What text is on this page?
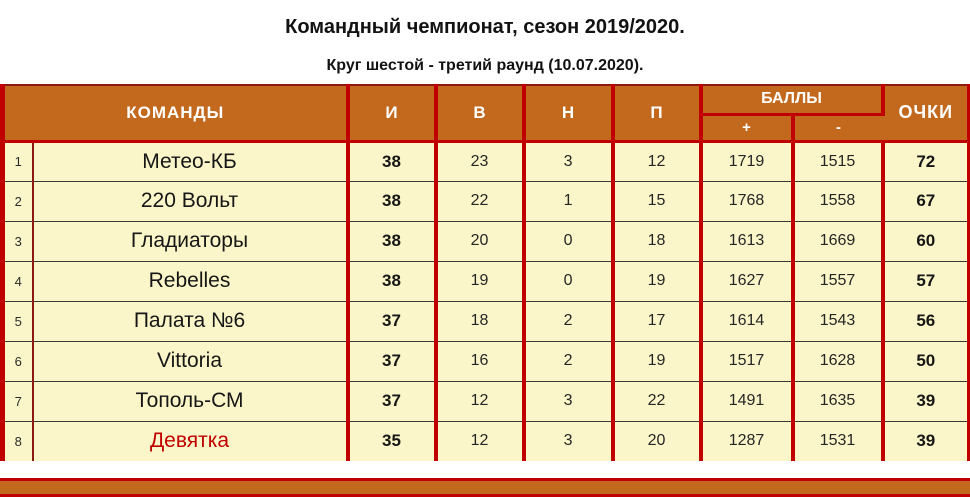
Командный чемпионат, сезон 2019/2020.
Круг шестой - третий раунд (10.07.2020).
КОМАНДЫ		И	В	Н	П	БАЛЛЫ		ОЧКИ
						+	-	
1	Метео-КБ	38	23	3	12	1719	1515	72
2	220 Вольт	38	22	1	15	1768	1558	67
3	Гладиаторы	38	20	0	18	1613	1669	60
4	Rebelles	38	19	0	19	1627	1557	57
5	Палата №6	37	18	2	17	1614	1543	56
6	Vittoria	37	16	2	19	1517	1628	50
7	Тополь-СМ	37	12	3	22	1491	1635	39
8	Девятка	35	12	3	20	1287	1531	39
